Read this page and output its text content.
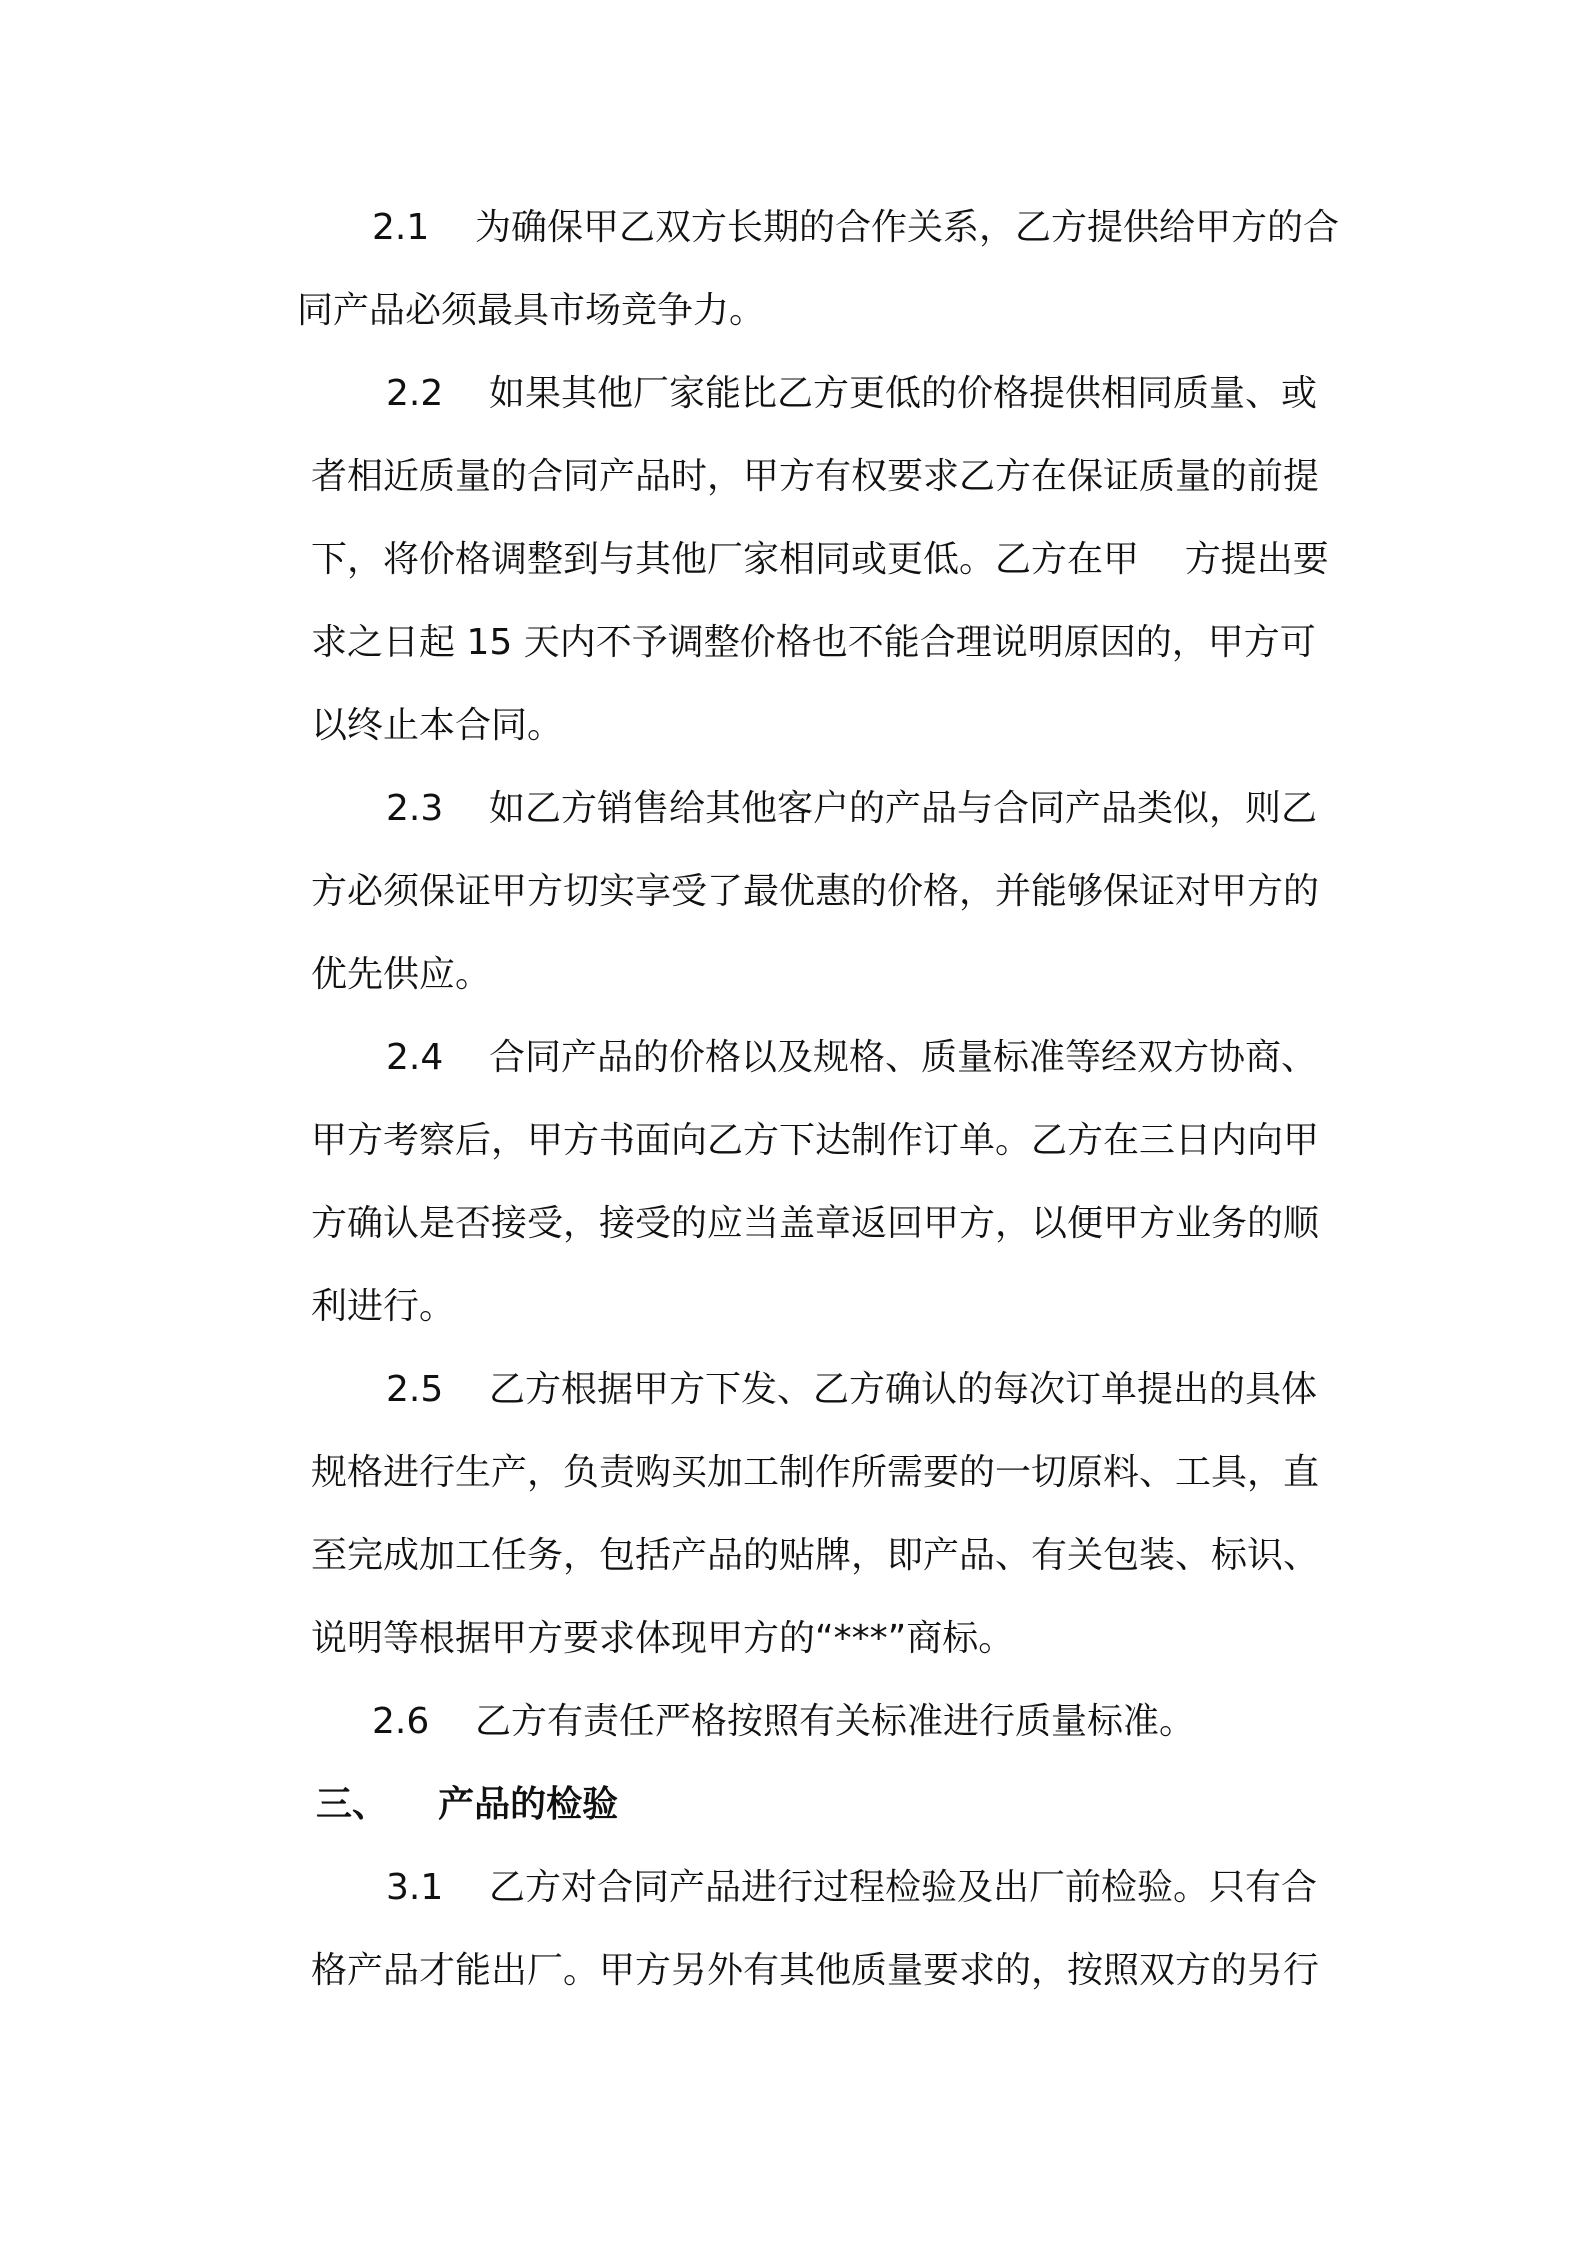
2.1    为确保甲乙双方长期的合作关系，乙方提供给甲方的合
同产品必须最具市场竞争力。
2.2    如果其他厂家能比乙方更低的价格提供相同质量、或
者相近质量的合同产品时，甲方有权要求乙方在保证质量的前提
下，将价格调整到与其他厂家相同或更低。乙方在甲    方提出要
求之日起 15 天内不予调整价格也不能合理说明原因的，甲方可
以终止本合同。
2.3    如乙方销售给其他客户的产品与合同产品类似，则乙
方必须保证甲方切实享受了最优惠的价格，并能够保证对甲方的
优先供应。
2.4    合同产品的价格以及规格、质量标准等经双方协商、
甲方考察后，甲方书面向乙方下达制作订单。乙方在三日内向甲
方确认是否接受，接受的应当盖章返回甲方，以便甲方业务的顺
利进行。
2.5    乙方根据甲方下发、乙方确认的每次订单提出的具体
规格进行生产，负责购买加工制作所需要的一切原料、工具，直
至完成加工任务，包括产品的贴牌，即产品、有关包装、标识、
说明等根据甲方要求体现甲方的“***”商标。
2.6    乙方有责任严格按照有关标准进行质量标准。
三、    产品的检验
3.1    乙方对合同产品进行过程检验及出厂前检验。只有合
格产品才能出厂。甲方另外有其他质量要求的，按照双方的另行
